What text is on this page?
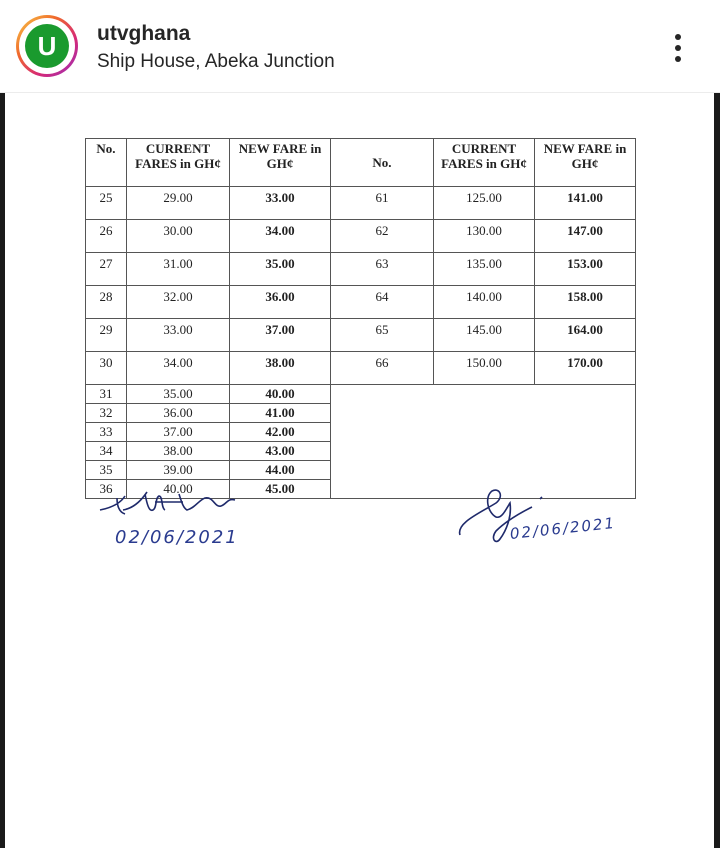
U utvghana
Ship House, Abeka Junction
No.	CURRENT FARES in GH¢	NEW FARE in GH¢	No.	CURRENT FARES in GH¢	NEW FARE in GH¢
25	29.00	33.00	61	125.00	141.00
26	30.00	34.00	62	130.00	147.00
27	31.00	35.00	63	135.00	153.00
28	32.00	36.00	64	140.00	158.00
29	33.00	37.00	65	145.00	164.00
30	34.00	38.00	66	150.00	170.00
31	35.00	40.00			
32	36.00	41.00			
33	37.00	42.00			
34	38.00	43.00			
35	39.00	44.00			
36	40.00	45.00			
02/06/2021	02/06/2021
